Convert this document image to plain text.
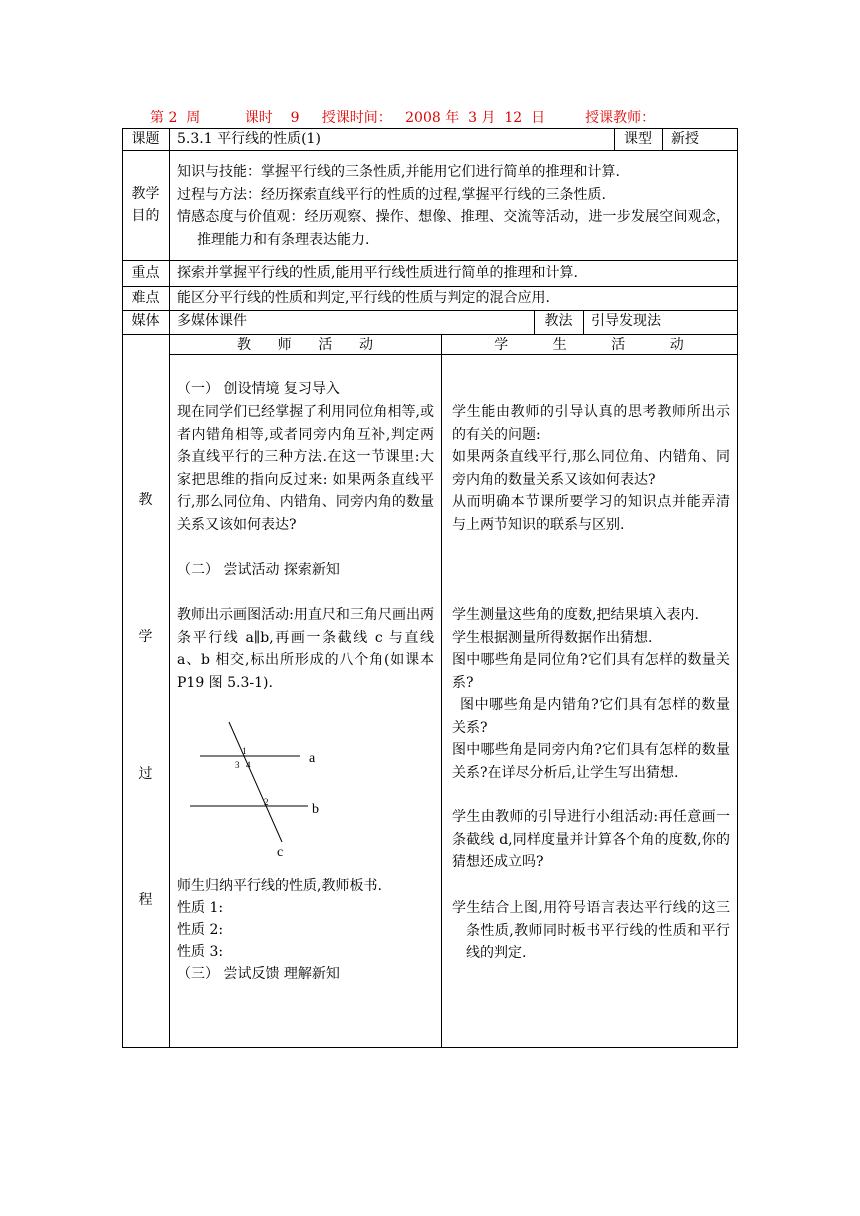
第 2  周	课时 9 授课时间： 2008 年  3 月  12  日	授课教师：
课题	5.3.1 平行线的性质(1)	课型	新授
教学
目的

知识与技能：掌握平行线的三条性质,并能用它们进行简单的推理和计算.

过程与方法：经历探索直线平行的性质的过程,掌握平行线的三条性质.

情感态度与价值观：经历观察、操作、想像、推理、交流等活动，进一步发展空间观念，推理能力和有条理表达能力.

重点	探索并掌握平行线的性质,能用平行线性质进行简单的推理和计算.
难点	能区分平行线的性质和判定,平行线的性质与判定的混合应用.
媒体	多媒体课件	教法	引导发现法
教
学
过
程
教      师      活      动	学          生          活          动
（一） 创设情境 复习导入
现在同学们已经掌握了利用同位角相等,或者内错角相等,或者同旁内角互补,判定两条直线平行的三种方法.在这一节课里:大家把思维的指向反过来: 如果两条直线平行,那么同位角、内错角、同旁内角的数量关系又该如何表达?
（二） 尝试活动 探索新知
教师出示画图活动:用直尺和三角尺画出两条平行线 a∥b,再画一条截线 c 与直线 a、b 相交,标出所形成的八个角(如课本 P19 图 5.3-1).
1
3 4
2
a
b
c
师生归纳平行线的性质,教师板书.
性质 1:
性质 2:
性质 3:
（三） 尝试反馈 理解新知
学生能由教师的引导认真的思考教师所出示的有关的问题:
如果两条直线平行,那么同位角、内错角、同旁内角的数量关系又该如何表达?
从而明确本节课所要学习的知识点并能弄清与上两节知识的联系与区别.
学生测量这些角的度数,把结果填入表内.
学生根据测量所得数据作出猜想.
图中哪些角是同位角?它们具有怎样的数量关系?
图中哪些角是内错角?它们具有怎样的数量关系?
图中哪些角是同旁内角?它们具有怎样的数量关系?在详尽分析后,让学生写出猜想.
学生由教师的引导进行小组活动:再任意画一条截线 d,同样度量并计算各个角的度数,你的猜想还成立吗?
学生结合上图,用符号语言表达平行线的这三条性质,教师同时板书平行线的性质和平行线的判定.
